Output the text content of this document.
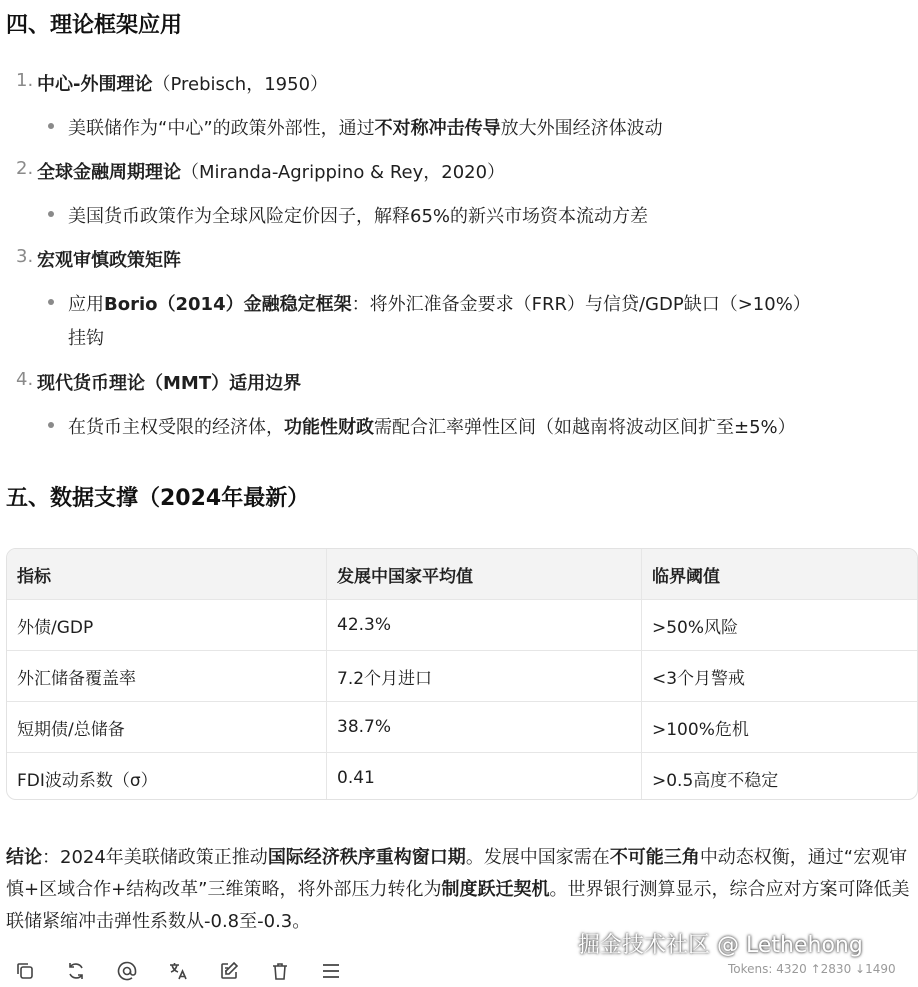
四、理论框架应用
1. 中心-外围理论（Prebisch，1950）
美联储作为“中心”的政策外部性，通过不对称冲击传导放大外围经济体波动
2. 全球金融周期理论（Miranda-Agrippino & Rey，2020）
美国货币政策作为全球风险定价因子，解释65%的新兴市场资本流动方差
3. 宏观审慎政策矩阵
应用Borio（2014）金融稳定框架：将外汇准备金要求（FRR）与信贷/GDP缺口（>10%）
挂钩
4. 现代货币理论（MMT）适用边界
在货币主权受限的经济体，功能性财政需配合汇率弹性区间（如越南将波动区间扩至±5%）
五、数据支撑（2024年最新）
指标	发展中国家平均值	临界阈值
外债/GDP	42.3%	>50%风险
外汇储备覆盖率	7.2个月进口	<3个月警戒
短期债/总储备	38.7%	>100%危机
FDI波动系数（σ）	0.41	>0.5高度不稳定
结论：2024年美联储政策正推动国际经济秩序重构窗口期。发展中国家需在不可能三角中动态权衡，通过“宏观审慎+区域合作+结构改革”三维策略，将外部压力转化为制度跃迁契机。世界银行测算显示，综合应对方案可降低美联储紧缩冲击弹性系数从-0.8至-0.3。
掘金技术社区 @ Lethehong
Tokens: 4320 ↑2830 ↓1490
